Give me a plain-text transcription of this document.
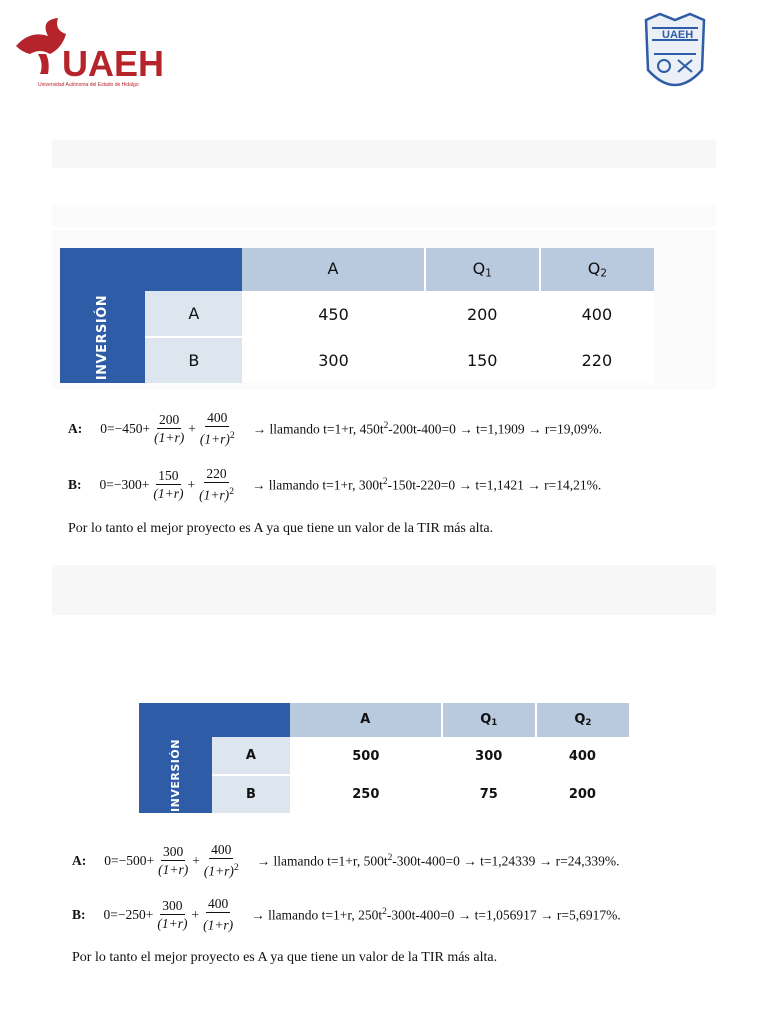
UAEH
Universidad Autónoma del Estado de Hidalgo
UAEH
		A	$Q_1$	$Q_2$
INVERSIÓN	A	450	200	400
	B	300	150	220
A: $0=-450+ \frac{200}{(1+r)} + \frac{400}{(1+r)^2}$ → llamando t=1+r, $450t^2-200t-400=0 \to t=1,1909 \to r=19,09\%$.
B: $0=-300+ \frac{150}{(1+r)} + \frac{220}{(1+r)^2}$ → llamando t=1+r, $300t^2-150t-220=0 \to t=1,1421 \to r=14,21\%$.
Por lo tanto el mejor proyecto es A ya que tiene un valor de la TIR más alta.
		A	$Q_1$	$Q_2$
INVERSIÓN	A	500	300	400
	B	250	75	200
A: $0=-500+ \frac{300}{(1+r)} + \frac{400}{(1+r)^2}$ → llamando t=1+r, $500t^2-300t-400=0 \to t=1,24339 \to r=24,339\%$.
B: $0=-250+ \frac{300}{(1+r)} + \frac{400}{(1+r)}$ → llamando t=1+r, $250t^2-300t-400=0 \to t=1,056917 \to r=5,6917\%$.
Por lo tanto el mejor proyecto es A ya que tiene un valor de la TIR más alta.
